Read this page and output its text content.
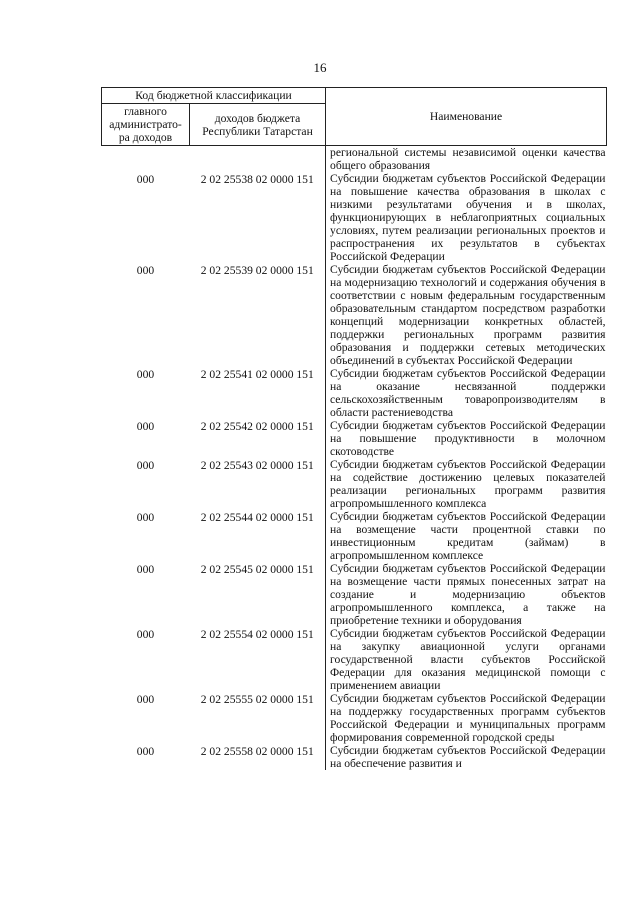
16
Код бюджетной классификации		Наименование
главного администрато-ра доходов	доходов бюджета Республики Татарстан	
		региональной системы независимой оценки качества общего образования
000	2 02 25538 02 0000 151	Субсидии бюджетам субъектов Российской Федерации на повышение качества образования в школах с низкими результатами обучения и в школах, функционирующих в неблагоприятных социальных условиях, путем реализации региональных проектов и распространения их результатов в субъектах Российской Федерации
000	2 02 25539 02 0000 151	Субсидии бюджетам субъектов Российской Федерации на модернизацию технологий и содержания обучения в соответствии с новым федеральным государственным образовательным стандартом посредством разработки концепций модернизации конкретных областей, поддержки региональных программ развития образования и поддержки сетевых методических объединений в субъектах Российской Федерации
000	2 02 25541 02 0000 151	Субсидии бюджетам субъектов Российской Федерации на оказание несвязанной поддержки сельскохозяйственным товаропроизводителям в области растениеводства
000	2 02 25542 02 0000 151	Субсидии бюджетам субъектов Российской Федерации на повышение продуктивности в молочном скотоводстве
000	2 02 25543 02 0000 151	Субсидии бюджетам субъектов Российской Федерации на содействие достижению целевых показателей реализации региональных программ развития агропромышленного комплекса
000	2 02 25544 02 0000 151	Субсидии бюджетам субъектов Российской Федерации на возмещение части процентной ставки по инвестиционным кредитам (займам) в агропромышленном комплексе
000	2 02 25545 02 0000 151	Субсидии бюджетам субъектов Российской Федерации на возмещение части прямых понесенных затрат на создание и модернизацию объектов агропромышленного комплекса, а также на приобретение техники и оборудования
000	2 02 25554 02 0000 151	Субсидии бюджетам субъектов Российской Федерации на закупку авиационной услуги органами государственной власти субъектов Российской Федерации для оказания медицинской помощи с применением авиации
000	2 02 25555 02 0000 151	Субсидии бюджетам субъектов Российской Федерации на поддержку государственных программ субъектов Российской Федерации и муниципальных программ формирования современной городской среды
000	2 02 25558 02 0000 151	Субсидии бюджетам субъектов Российской Федерации на обеспечение развития и
